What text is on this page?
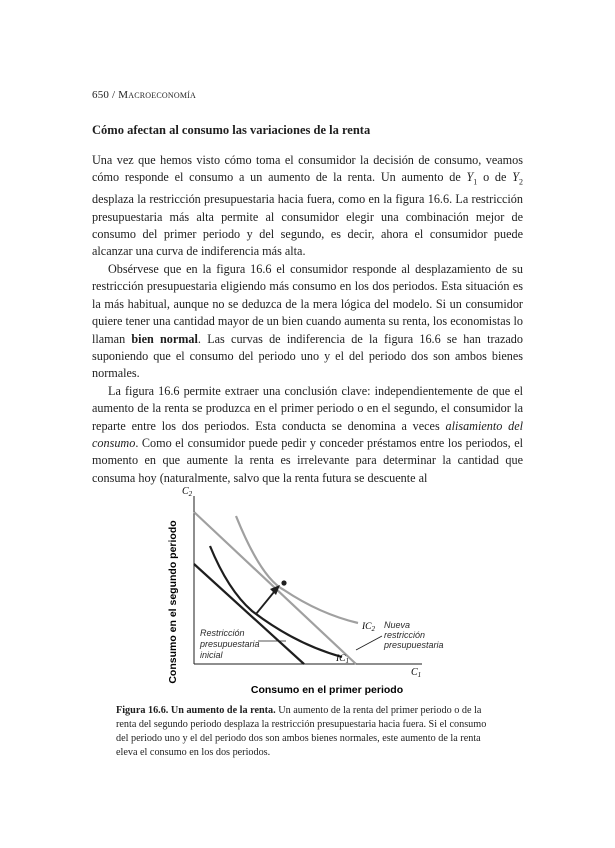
650 / Macroeconomía
Cómo afectan al consumo las variaciones de la renta

Una vez que hemos visto cómo toma el consumidor la decisión de consumo, veamos cómo responde el consumo a un aumento de la renta. Un aumento de $Y_1$ o de $Y_2$ desplaza la restricción presupuestaria hacia fuera, como en la figura 16.6. La restricción presupuestaria más alta permite al consumidor elegir una combinación mejor de consumo del primer periodo y del segundo, es decir, ahora el consumidor puede alcanzar una curva de indiferencia más alta.

Obsérvese que en la figura 16.6 el consumidor responde al desplazamiento de su restricción presupuestaria eligiendo más consumo en los dos periodos. Esta situación es la más habitual, aunque no se deduzca de la mera lógica del modelo. Si un consumidor quiere tener una cantidad mayor de un bien cuando aumenta su renta, los economistas lo llaman bien normal. Las curvas de indiferencia de la figura 16.6 se han trazado suponiendo que el consumo del periodo uno y el del periodo dos son ambos bienes normales.

La figura 16.6 permite extraer una conclusión clave: independientemente de que el aumento de la renta se produzca en el primer periodo o en el segundo, el consumidor la reparte entre los dos periodos. Esta conducta se denomina a veces alisamiento del consumo. Como el consumidor puede pedir y conceder préstamos entre los periodos, el momento en que aumente la renta es irrelevante para determinar la cantidad que consuma hoy (naturalmente, salvo que la renta futura se descuente al

$C_2$
$C_1$
Consumo en el segundo periodo
Consumo en el primer periodo
$IC_2$
$IC_1$
Restricción presupuestaria inicial
Nueva restricción presupuestaria
Figura 16.6. Un aumento de la renta. Un aumento de la renta del primer periodo o de la renta del segundo periodo desplaza la restricción presupuestaria hacia fuera. Si el consumo del periodo uno y el del periodo dos son ambos bienes normales, este aumento de la renta eleva el consumo en los dos periodos.
